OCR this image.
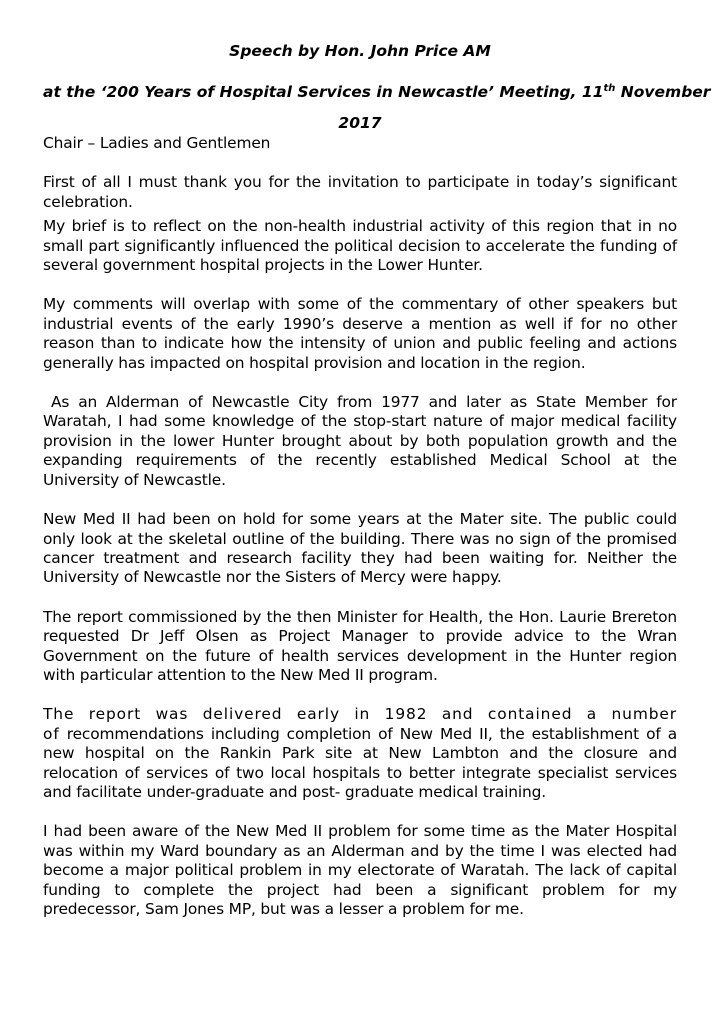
Speech by Hon. John Price AM

at the ‘200 Years of Hospital Services in Newcastle’ Meeting, 11th November

2017

Chair – Ladies and Gentlemen

First of all I must thank you for the invitation to participate in today’s significant celebration.

My brief is to reflect on the non-health industrial activity of this region that in no small part significantly influenced the political decision to accelerate the funding of several government hospital projects in the Lower Hunter.

My comments will overlap with some of the commentary of other speakers but industrial events of the early 1990’s deserve a mention as well if for no other reason than to indicate how the intensity of union and public feeling and actions generally has impacted on hospital provision and location in the region.

As an Alderman of Newcastle City from 1977 and later as State Member for Waratah, I had some knowledge of the stop-start nature of major medical facility provision in the lower Hunter brought about by both population growth and the expanding requirements of the recently established Medical School at the University of Newcastle.

New Med II had been on hold for some years at the Mater site. The public could only look at the skeletal outline of the building. There was no sign of the promised cancer treatment and research facility they had been waiting for. Neither the University of Newcastle nor the Sisters of Mercy were happy.

The report commissioned by the then Minister for Health, the Hon. Laurie Brereton requested Dr Jeff Olsen as Project Manager to provide advice to the Wran Government on the future of health services development in the Hunter region with particular attention to the New Med II program.

The report was delivered early in 1982 and contained a number of recommendations including completion of New Med II, the establishment of a new hospital on the Rankin Park site at New Lambton and the closure and relocation of services of two local hospitals to better integrate specialist services and facilitate under-graduate and post- graduate medical training.

I had been aware of the New Med II problem for some time as the Mater Hospital was within my Ward boundary as an Alderman and by the time I was elected had become a major political problem in my electorate of Waratah. The lack of capital funding to complete the project had been a significant problem for my predecessor, Sam Jones MP, but was a lesser a problem for me.
